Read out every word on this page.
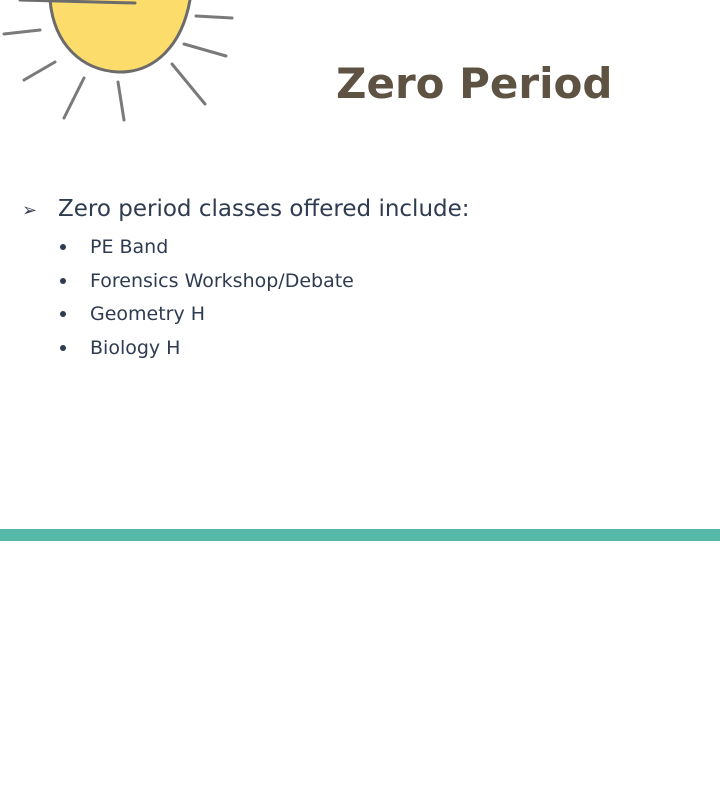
Zero Period
➢ Zero period classes offered include:
PE Band
Forensics Workshop/Debate
Geometry H
Biology H
